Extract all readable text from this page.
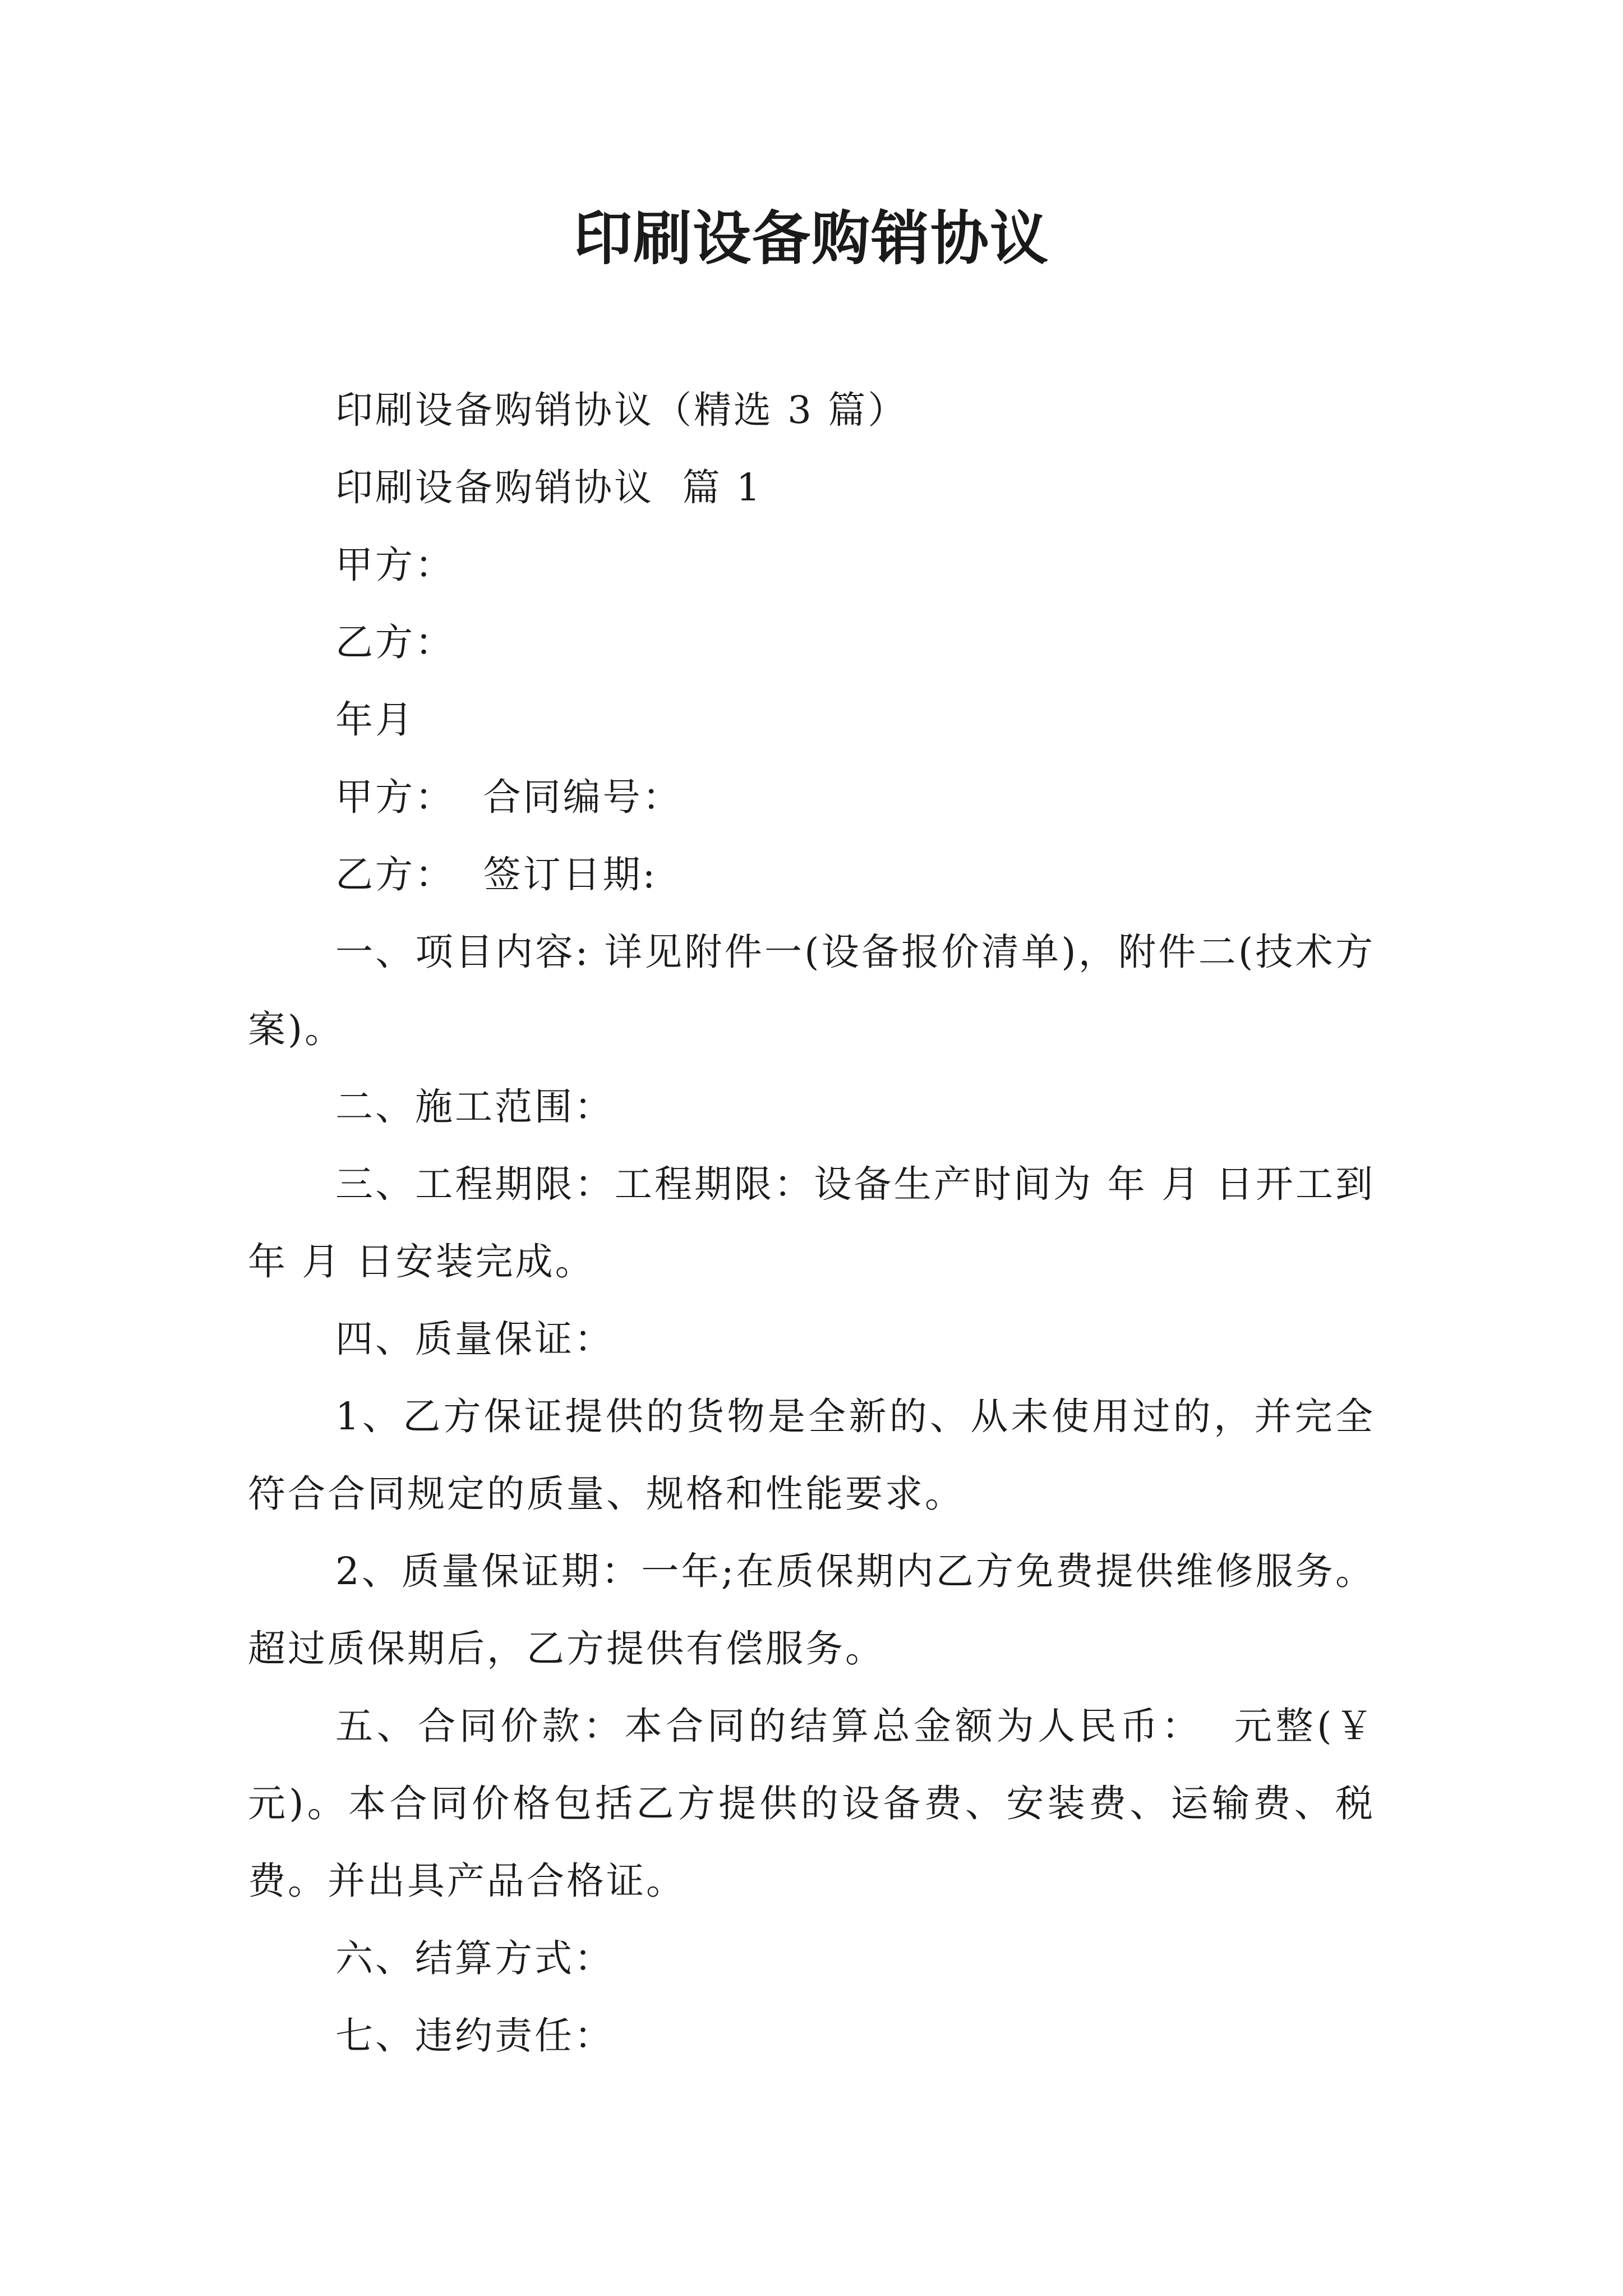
印刷设备购销协议

印刷设备购销协议（精选 3 篇）

印刷设备购销协议  篇 1

甲方：

乙方：

年月

甲方：  合同编号：

乙方：  签订日期:

一、项目内容: 详见附件一(设备报价清单)，附件二(技术方案)。

二、施工范围：

三、工程期限：工程期限：设备生产时间为 年 月 日开工到 年 月 日安装完成。

四、质量保证：

1、乙方保证提供的货物是全新的、从未使用过的，并完全符合合同规定的质量、规格和性能要求。

2、质量保证期：一年;在质保期内乙方免费提供维修服务。超过质保期后，乙方提供有偿服务。

五、合同价款：本合同的结算总金额为人民币：  元整(￥  元)。本合同价格包括乙方提供的设备费、安装费、运输费、税费。并出具产品合格证。

六、结算方式：

七、违约责任：
